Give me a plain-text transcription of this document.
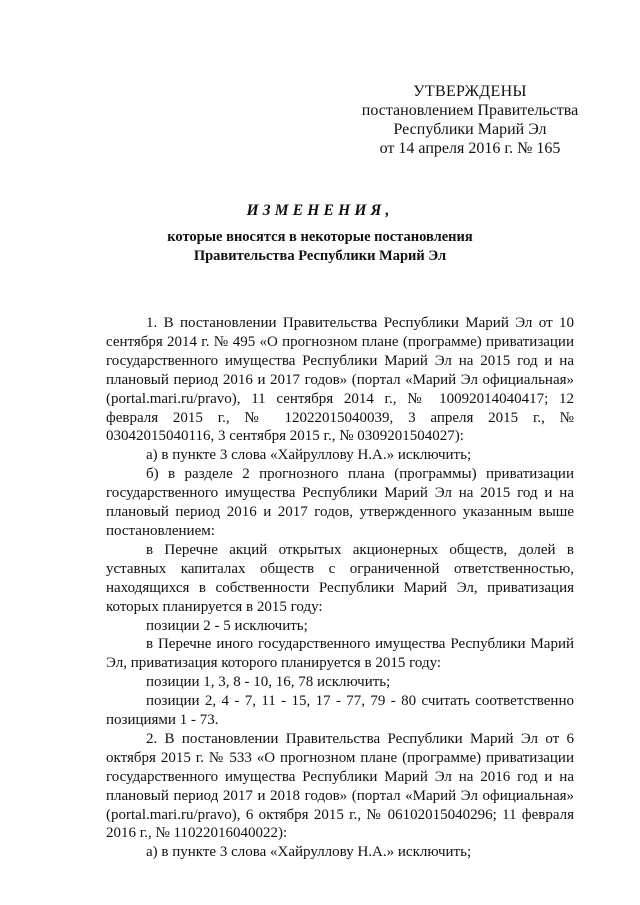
УТВЕРЖДЕНЫ
постановлением Правительства
Республики Марий Эл
от 14 апреля 2016 г. № 165
ИЗМЕНЕНИЯ,
которые вносятся в некоторые постановления
Правительства Республики Марий Эл

1. В постановлении Правительства Республики Марий Эл от 10 сентября 2014 г. № 495 «О прогнозном плане (программе) приватизации государственного имущества Республики Марий Эл на 2015 год и на плановый период 2016 и 2017 годов» (портал «Марий Эл официальная» (portal.mari.ru/pravo), 11 сентября 2014 г., № 10092014040417; 12 февраля 2015 г., № 12022015040039, 3 апреля 2015 г., № 03042015040116, 3 сентября 2015 г., № 0309201504027):

а) в пункте 3 слова «Хайруллову Н.А.» исключить;

б) в разделе 2 прогнозного плана (программы) приватизации государственного имущества Республики Марий Эл на 2015 год и на плановый период 2016 и 2017 годов, утвержденного указанным выше постановлением:

в Перечне акций открытых акционерных обществ, долей в уставных капиталах обществ с ограниченной ответственностью, находящихся в собственности Республики Марий Эл, приватизация которых планируется в 2015 году:

позиции 2 - 5 исключить;

в Перечне иного государственного имущества Республики Марий Эл, приватизация которого планируется в 2015 году:

позиции 1, 3, 8 - 10, 16, 78 исключить;

позиции 2, 4 - 7, 11 - 15, 17 - 77, 79 - 80 считать соответственно позициями 1 - 73.

2. В постановлении Правительства Республики Марий Эл от 6 октября 2015 г. № 533 «О прогнозном плане (программе) приватизации государственного имущества Республики Марий Эл на 2016 год и на плановый период 2017 и 2018 годов» (портал «Марий Эл официальная» (portal.mari.ru/pravo), 6 октября 2015 г., № 06102015040296; 11 февраля 2016 г., № 11022016040022):

а) в пункте 3 слова «Хайруллову Н.А.» исключить;
